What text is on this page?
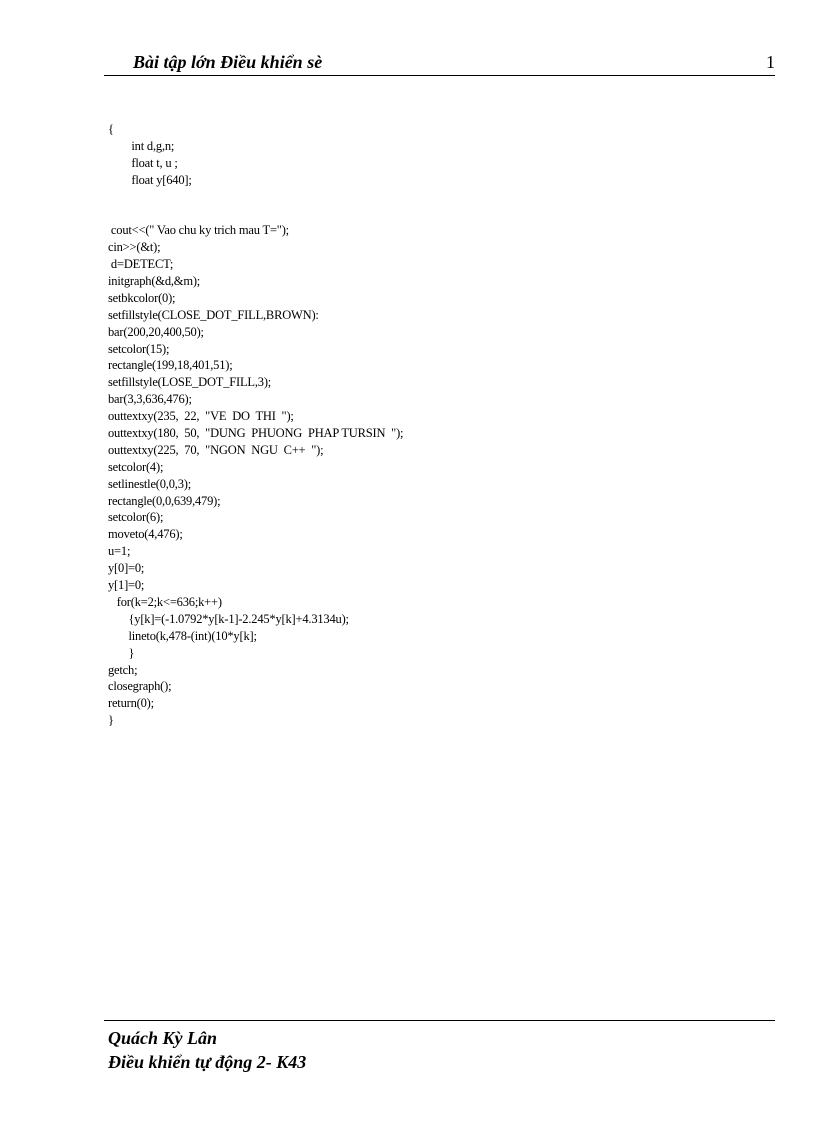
Bài tập lớn Điều khiển sè	1
{
int d,g,n;
float t, u ;
float y[640];
cout<<(" Vao chu ky trich mau T=");
cin>>(&t);
d=DETECT;
initgraph(&d,&m);
setbkcolor(0);
setfillstyle(CLOSE_DOT_FILL,BROWN):
bar(200,20,400,50);
setcolor(15);
rectangle(199,18,401,51);
setfillstyle(LOSE_DOT_FILL,3);
bar(3,3,636,476);
outtextxy(235,  22,  "VE  DO  THI  ");
outtextxy(180,  50,  "DUNG  PHUONG  PHAP TURSIN  ");
outtextxy(225,  70,  "NGON  NGU  C++  ");
setcolor(4);
setlinestle(0,0,3);
rectangle(0,0,639,479);
setcolor(6);
moveto(4,476);
u=1;
y[0]=0;
y[1]=0;
for(k=2;k<=636;k++)
{y[k]=(-1.0792*y[k-1]-2.245*y[k]+4.3134u);
lineto(k,478-(int)(10*y[k];
}
getch;
closegraph();
return(0);
}
Quách Kỳ Lân
Điều khiển tự động 2- K43
